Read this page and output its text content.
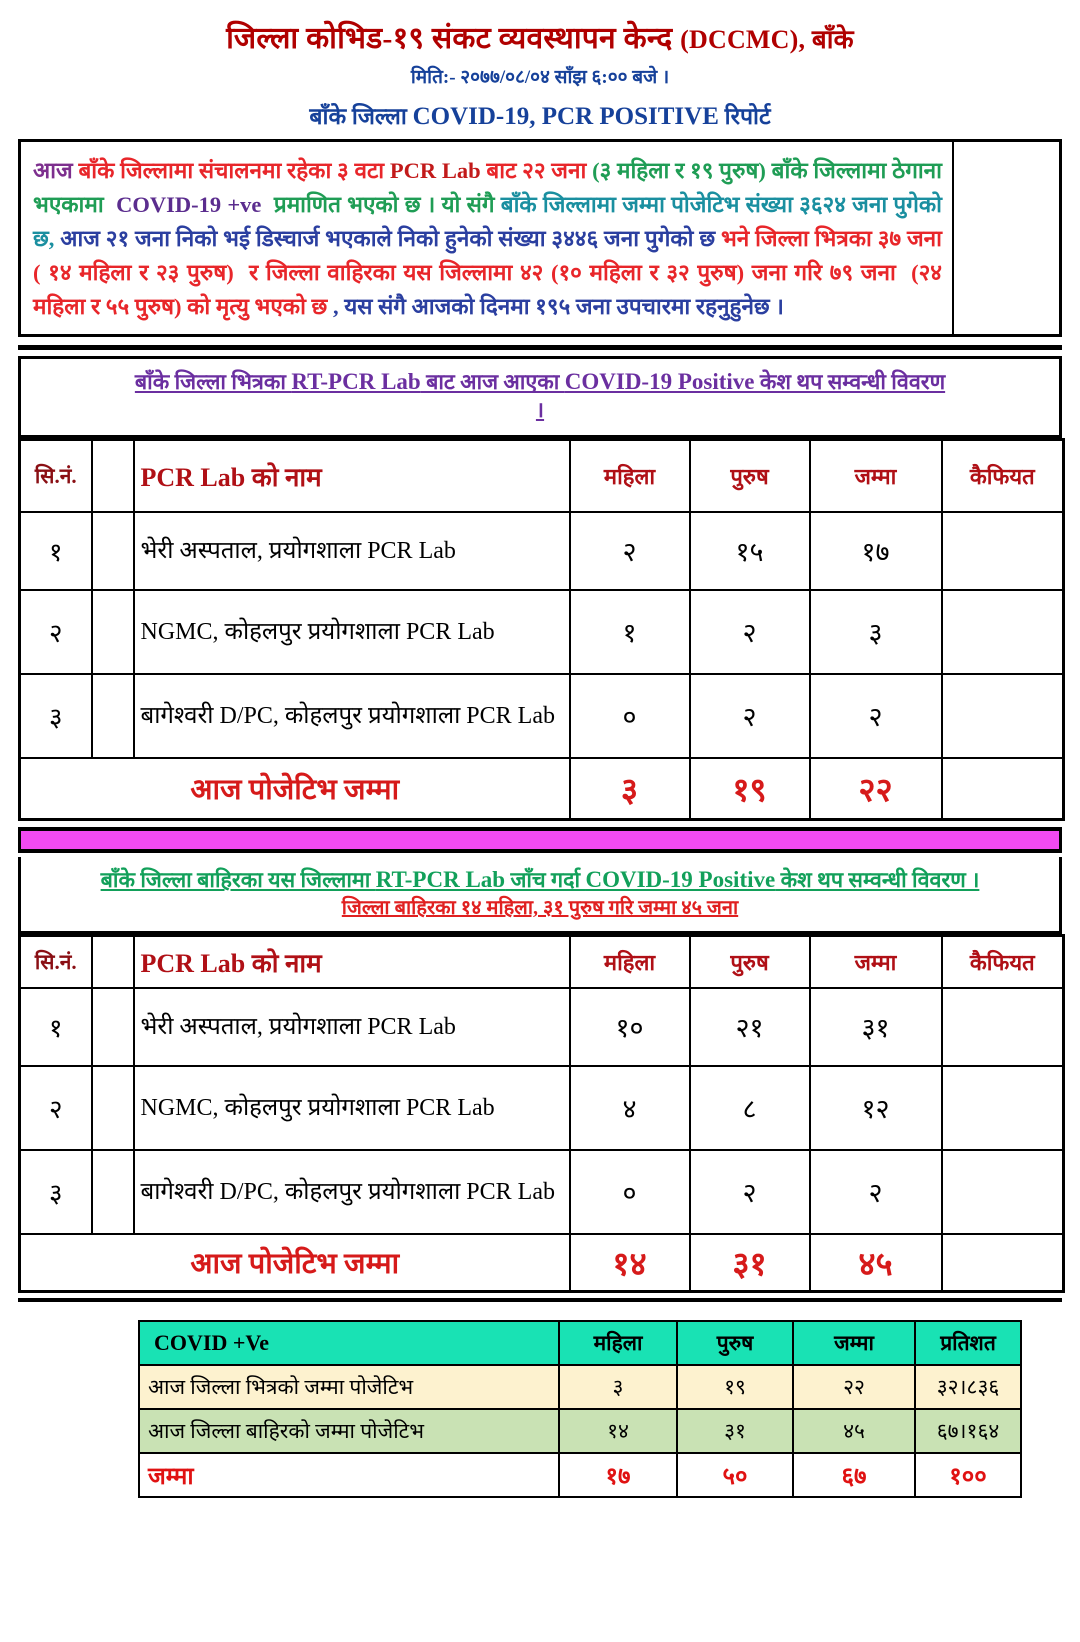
जिल्ला कोभिड-१९ संकट व्यवस्थापन केन्द (DCCMC), बाँके
मिति:- २०७७/०८/०४ साँझ ६:०० बजे ।
बाँके जिल्ला COVID-19, PCR POSITIVE रिपोर्ट
आज बाँके जिल्लामा संचालनमा रहेका ३ वटा PCR Lab बाट २२ जना (३ महिला र १९ पुरुष) बाँके जिल्लामा ठेगाना भएकामा  COVID-19 +ve  प्रमाणित भएको छ । यो संगै बाँके जिल्लामा जम्मा पोजेटिभ संख्या ३६२४ जना पुगेको छ, आज २१ जना निको भई डिस्चार्ज भएकाले निको हुनेको संख्या ३४४६ जना पुगेको छ भने जिल्ला भित्रका ३७ जना ( १४ महिला र २३ पुरुष)  र जिल्ला वाहिरका यस जिल्लामा ४२ (१० महिला र ३२ पुरुष) जना गरि ७९ जना  (२४ महिला र ५५ पुरुष) को मृत्यु भएको छ , यस संगै आजको दिनमा १९५ जना उपचारमा रहनुहुनेछ ।
बाँके जिल्ला भित्रका RT-PCR Lab बाट आज आएका COVID-19 Positive केश थप सम्वन्धी विवरण
।
सि.नं.		PCR Lab को नाम	महिला	पुरुष	जम्मा	कैफियत
१		भेरी अस्पताल, प्रयोगशाला PCR Lab	२	१५	१७	
२		NGMC, कोहलपुर प्रयोगशाला PCR Lab	१	२	३	
३		बागेश्वरी D/PC, कोहलपुर प्रयोगशाला PCR Lab	०	२	२	
आज पोजेटिभ जम्मा			३	१९	२२	
बाँके जिल्ला बाहिरका यस जिल्लामा RT-PCR Lab जाँच गर्दा COVID-19 Positive केश थप सम्वन्धी विवरण ।
जिल्ला बाहिरका १४ महिला, ३१ पुरुष गरि जम्मा ४५ जना
सि.नं.		PCR Lab को नाम	महिला	पुरुष	जम्मा	कैफियत
१		भेरी अस्पताल, प्रयोगशाला PCR Lab	१०	२१	३१	
२		NGMC, कोहलपुर प्रयोगशाला PCR Lab	४	८	१२	
३		बागेश्वरी D/PC, कोहलपुर प्रयोगशाला PCR Lab	०	२	२	
आज पोजेटिभ जम्मा			१४	३१	४५	
COVID +Ve	महिला	पुरुष	जम्मा	प्रतिशत
आज जिल्ला भित्रको जम्मा पोजेटिभ	३	१९	२२	३२।८३६
आज जिल्ला बाहिरको जम्मा पोजेटिभ	१४	३१	४५	६७।१६४
जम्मा	१७	५०	६७	१००
